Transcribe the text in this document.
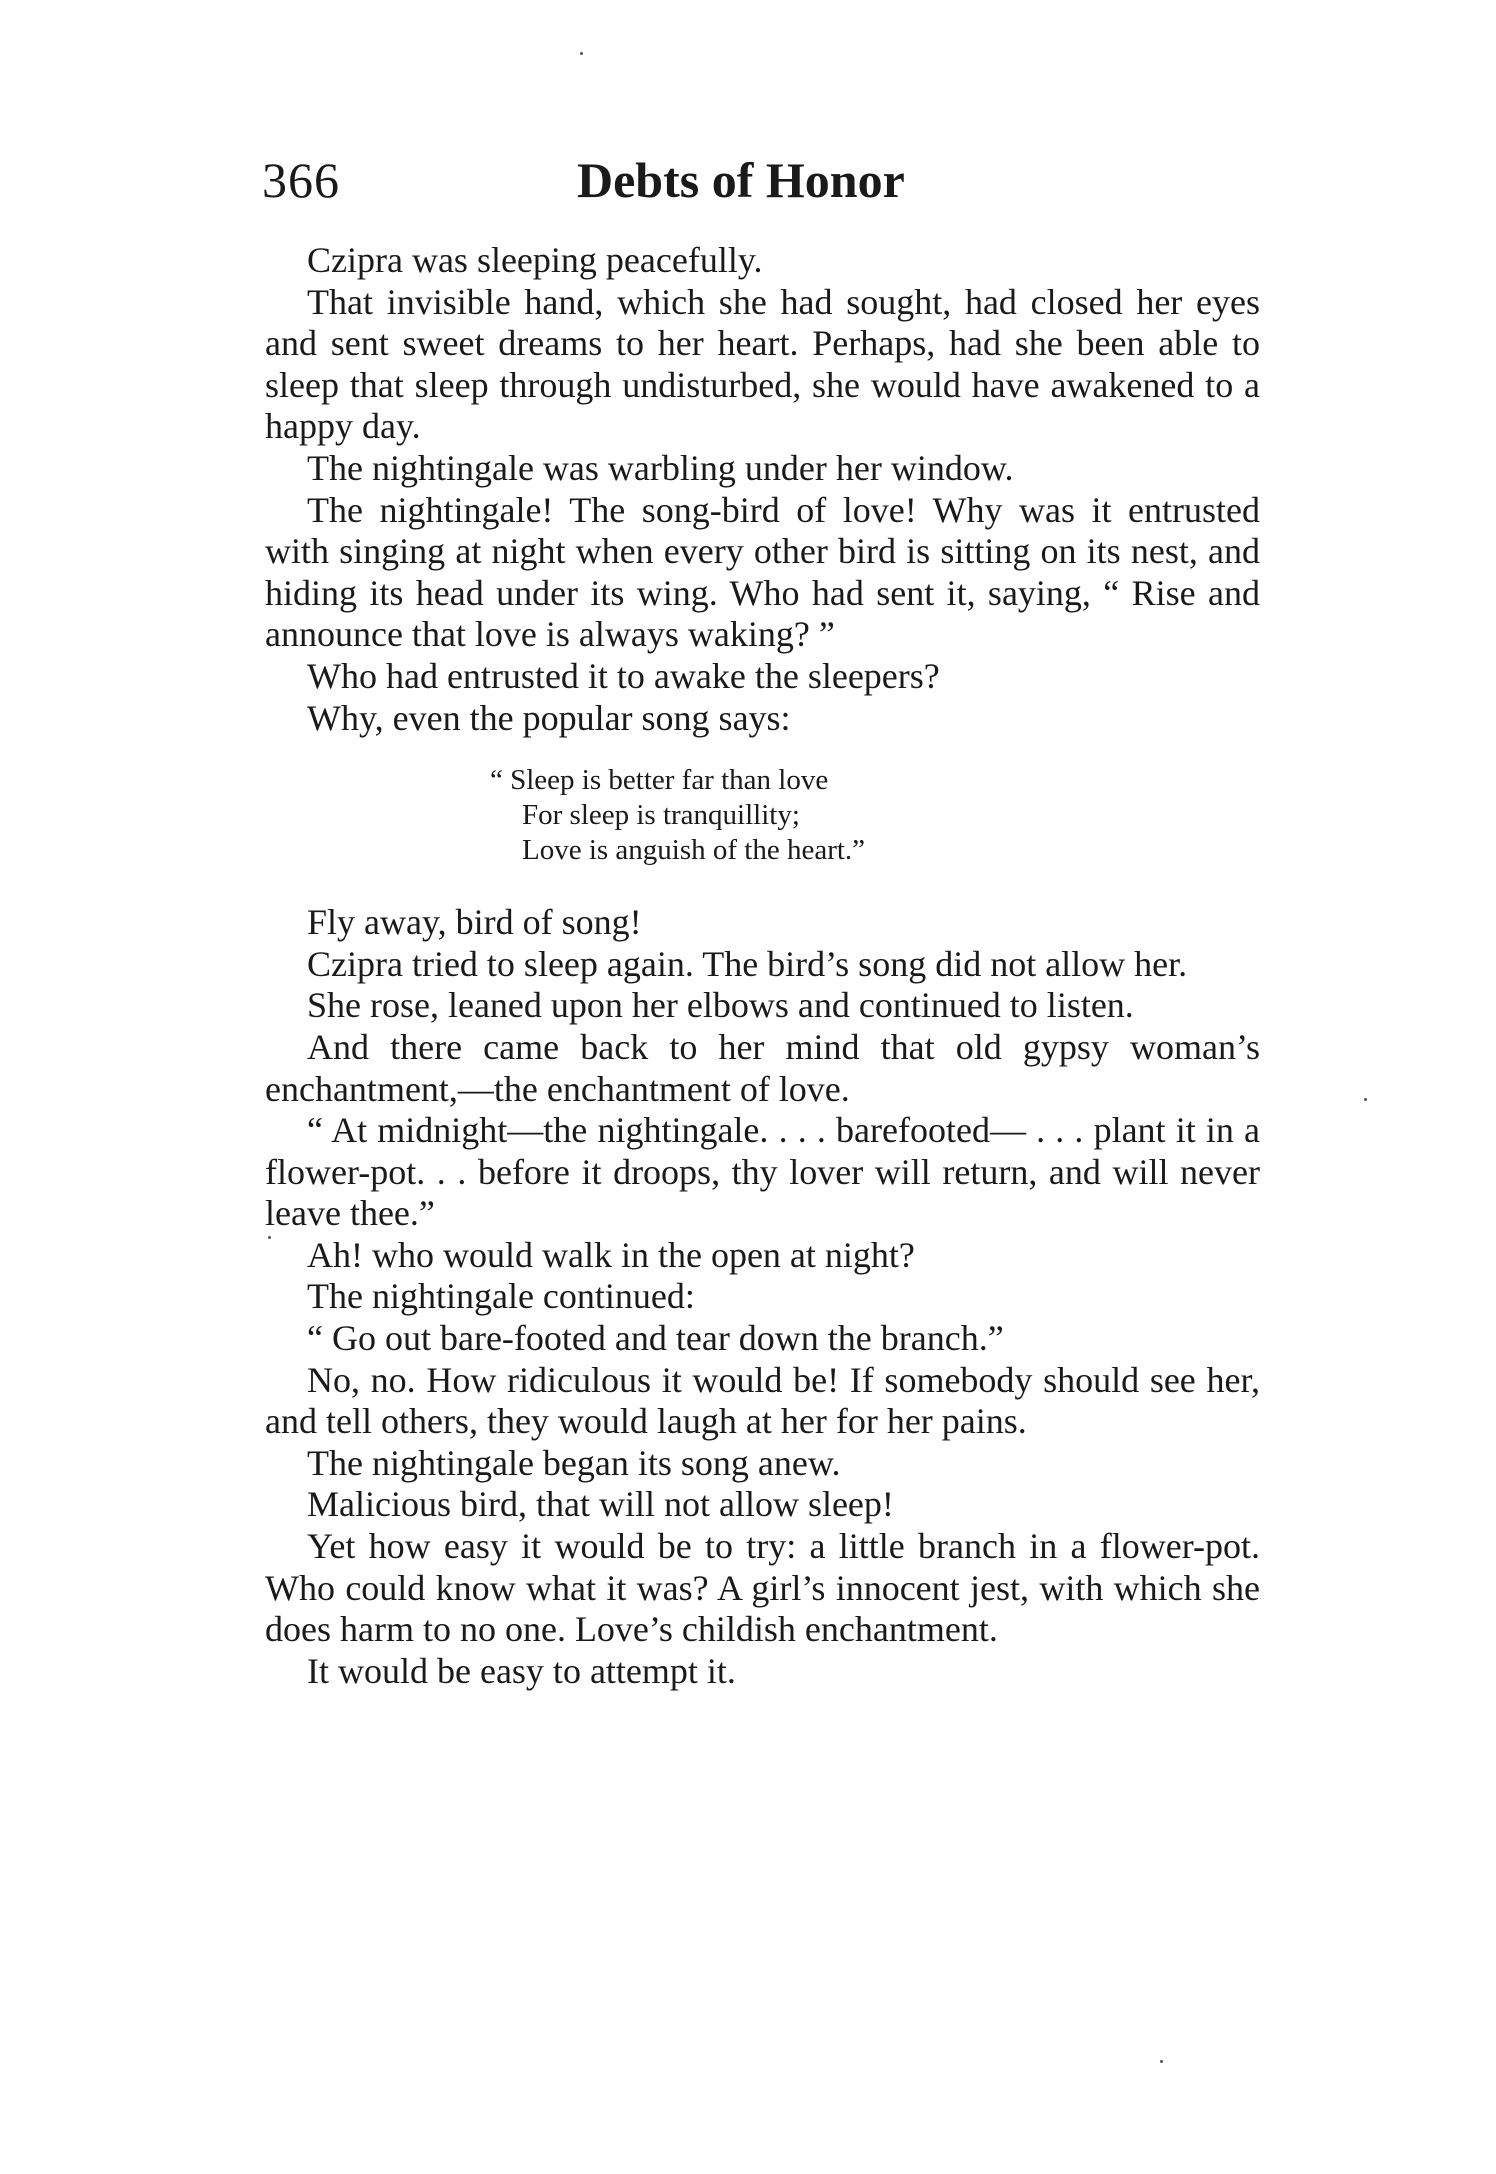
366	Debts of Honor

Czipra was sleeping peacefully.

That invisible hand, which she had sought, had closed her eyes and sent sweet dreams to her heart. Perhaps, had she been able to sleep that sleep through undisturbed, she would have awakened to a happy day.

The nightingale was warbling under her window.

The nightingale! The song-bird of love! Why was it entrusted with singing at night when every other bird is sitting on its nest, and hiding its head under its wing. Who had sent it, saying, “ Rise and announce that love is always waking? ”

Who had entrusted it to awake the sleepers?

Why, even the popular song says:

“ Sleep is better far than love
For sleep is tranquillity;
Love is anguish of the heart.”

Fly away, bird of song!

Czipra tried to sleep again. The bird’s song did not allow her.

She rose, leaned upon her elbows and continued to listen.

And there came back to her mind that old gypsy woman’s enchantment,—the enchantment of love.

“ At midnight—the nightingale. . . . barefooted— . . . plant it in a flower-pot. . . before it droops, thy lover will return, and will never leave thee.”

Ah! who would walk in the open at night?

The nightingale continued:

“ Go out bare-footed and tear down the branch.”

No, no. How ridiculous it would be! If somebody should see her, and tell others, they would laugh at her for her pains.

The nightingale began its song anew.

Malicious bird, that will not allow sleep!

Yet how easy it would be to try: a little branch in a flower-pot. Who could know what it was? A girl’s innocent jest, with which she does harm to no one. Love’s childish enchantment.

It would be easy to attempt it.
